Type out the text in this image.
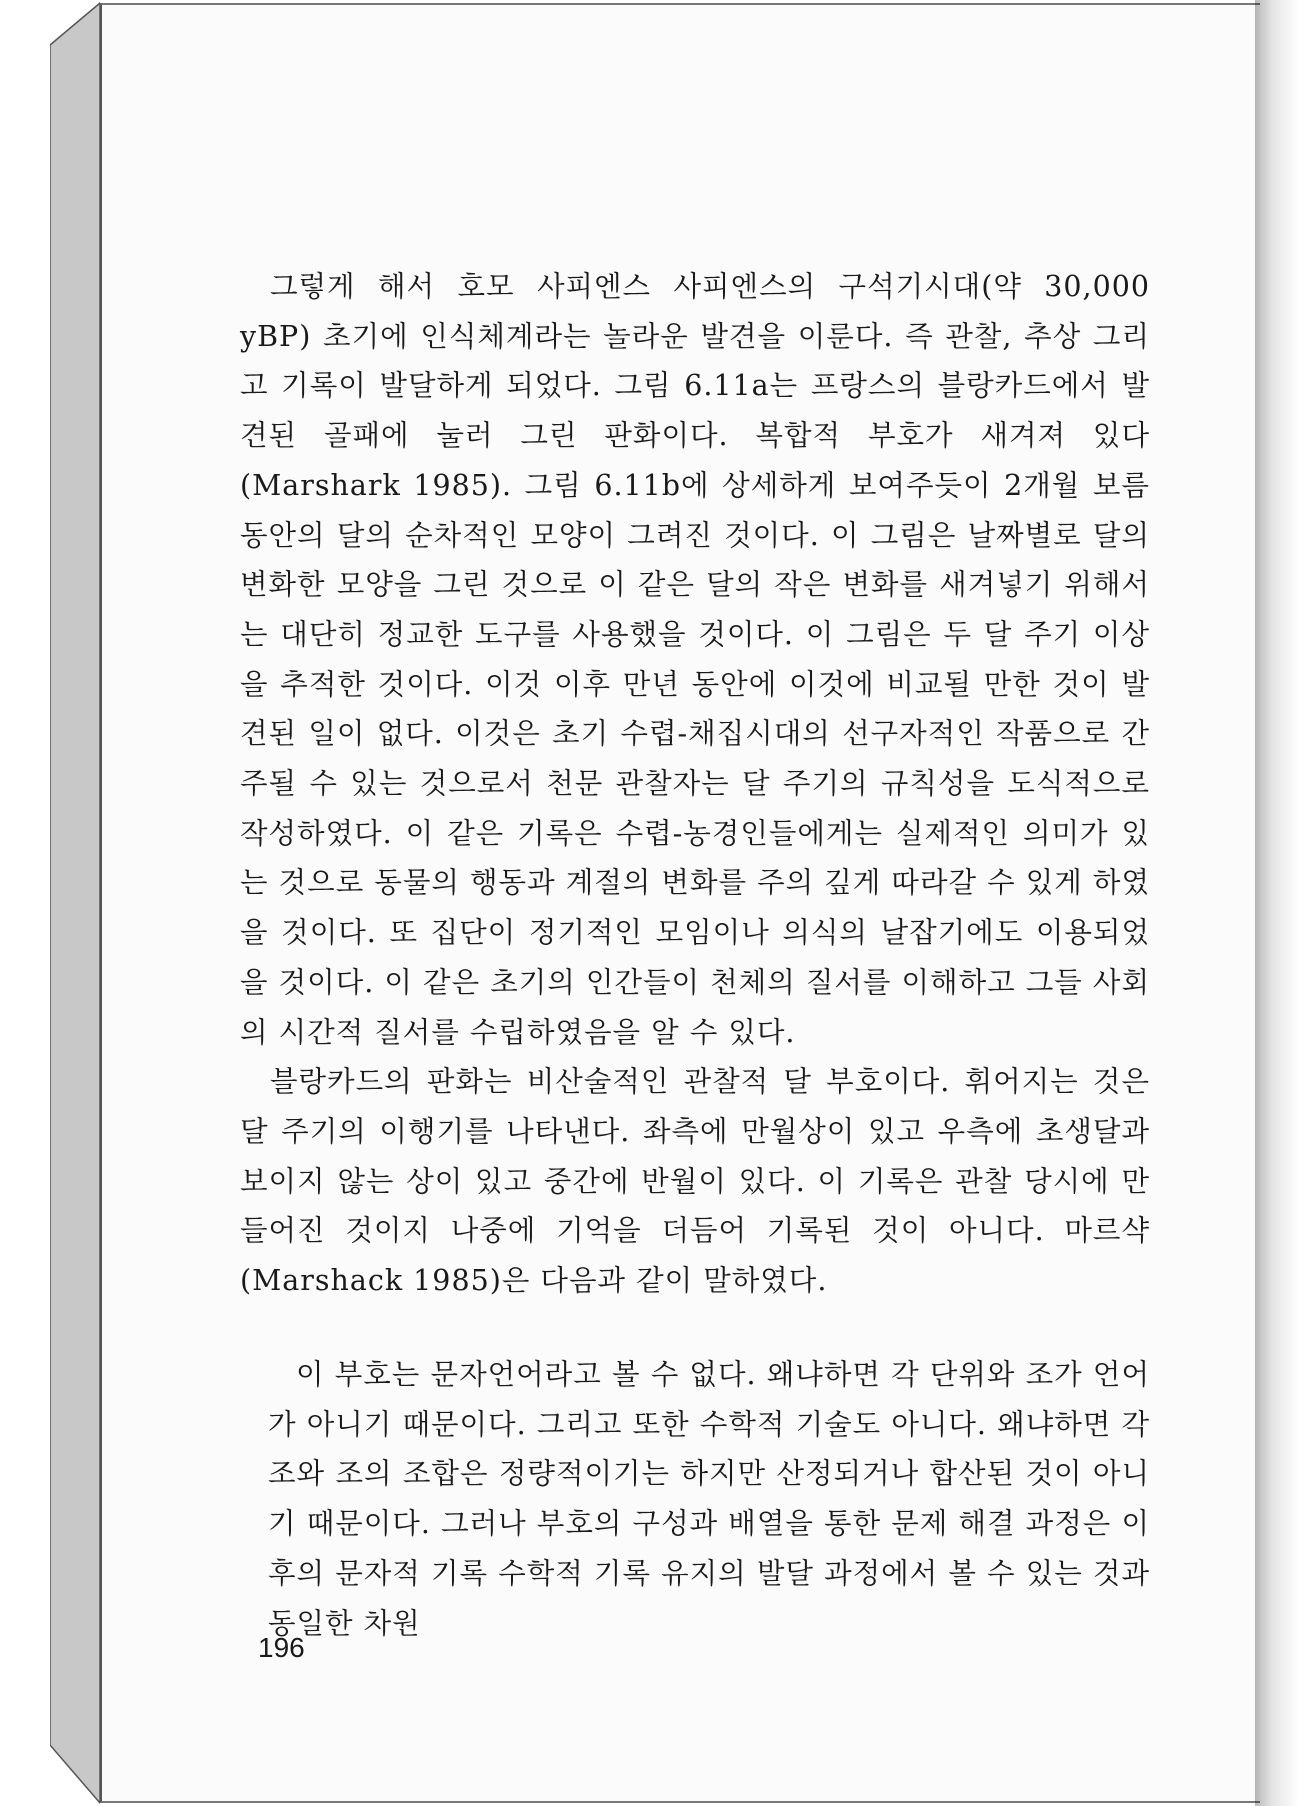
그렇게 해서 호모 사피엔스 사피엔스의 구석기시대(약 30,000 yBP) 초기에 인식체계라는 놀라운 발견을 이룬다. 즉 관찰, 추상 그리고 기록이 발달하게 되었다. 그림 6.11a는 프랑스의 블랑카드에서 발견된 골패에 눌러 그린 판화이다. 복합적 부호가 새겨져 있다(Marshark 1985). 그림 6.11b에 상세하게 보여주듯이 2개월 보름 동안의 달의 순차적인 모양이 그려진 것이다. 이 그림은 날짜별로 달의 변화한 모양을 그린 것으로 이 같은 달의 작은 변화를 새겨넣기 위해서는 대단히 정교한 도구를 사용했을 것이다. 이 그림은 두 달 주기 이상을 추적한 것이다. 이것 이후 만년 동안에 이것에 비교될 만한 것이 발견된 일이 없다. 이것은 초기 수렵-채집시대의 선구자적인 작품으로 간주될 수 있는 것으로서 천문 관찰자는 달 주기의 규칙성을 도식적으로 작성하였다. 이 같은 기록은 수렵-농경인들에게는 실제적인 의미가 있는 것으로 동물의 행동과 계절의 변화를 주의 깊게 따라갈 수 있게 하였을 것이다. 또 집단이 정기적인 모임이나 의식의 날잡기에도 이용되었을 것이다. 이 같은 초기의 인간들이 천체의 질서를 이해하고 그들 사회의 시간적 질서를 수립하였음을 알 수 있다.

블랑카드의 판화는 비산술적인 관찰적 달 부호이다. 휘어지는 것은 달 주기의 이행기를 나타낸다. 좌측에 만월상이 있고 우측에 초생달과 보이지 않는 상이 있고 중간에 반월이 있다. 이 기록은 관찰 당시에 만들어진 것이지 나중에 기억을 더듬어 기록된 것이 아니다. 마르샥(Marshack 1985)은 다음과 같이 말하였다.

이 부호는 문자언어라고 볼 수 없다. 왜냐하면 각 단위와 조가 언어가 아니기 때문이다. 그리고 또한 수학적 기술도 아니다. 왜냐하면 각 조와 조의 조합은 정량적이기는 하지만 산정되거나 합산된 것이 아니기 때문이다. 그러나 부호의 구성과 배열을 통한 문제 해결 과정은 이후의 문자적 기록 수학적 기록 유지의 발달 과정에서 볼 수 있는 것과 동일한 차원

196
